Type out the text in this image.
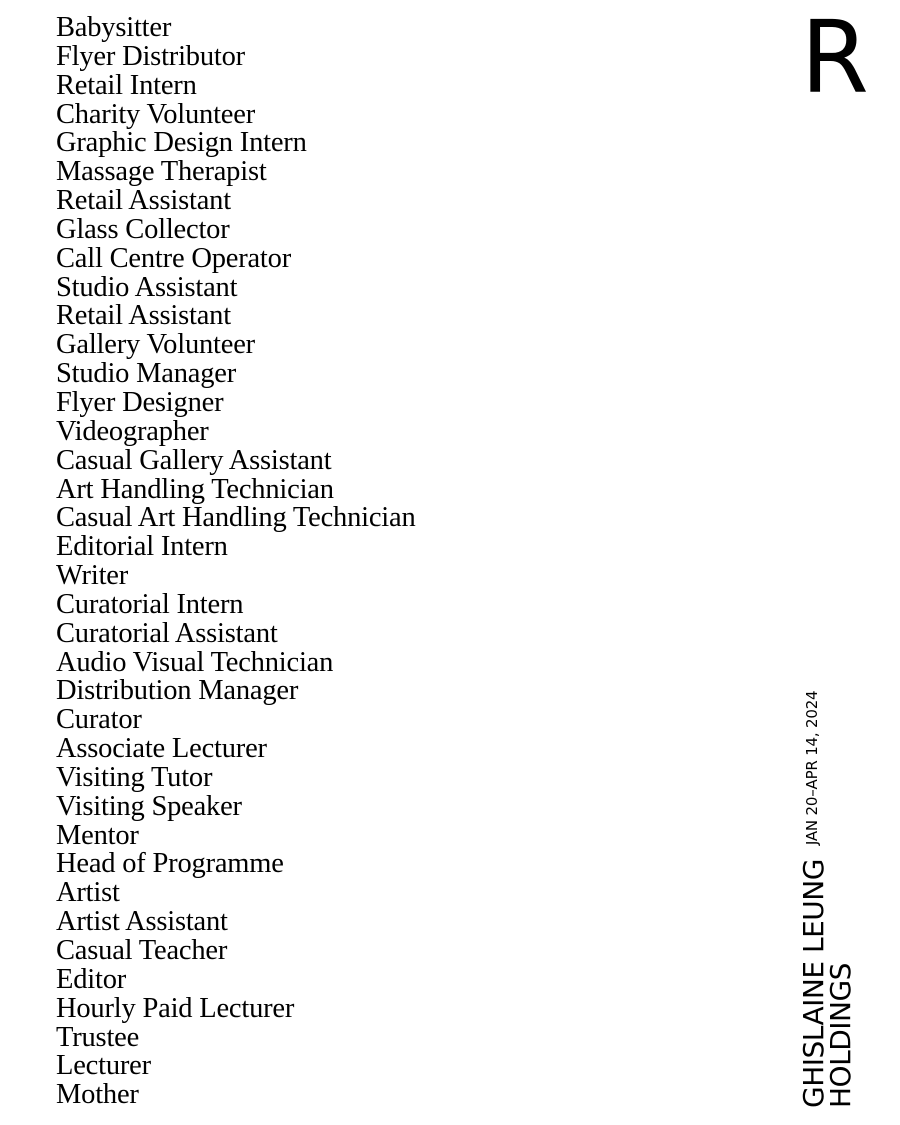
Babysitter
Flyer Distributor
Retail Intern
Charity Volunteer
Graphic Design Intern
Massage Therapist
Retail Assistant
Glass Collector
Call Centre Operator
Studio Assistant
Retail Assistant
Gallery Volunteer
Studio Manager
Flyer Designer
Videographer
Casual Gallery Assistant
Art Handling Technician
Casual Art Handling Technician
Editorial Intern
Writer
Curatorial Intern
Curatorial Assistant
Audio Visual Technician
Distribution Manager
Curator
Associate Lecturer
Visiting Tutor
Visiting Speaker
Mentor
Head of Programme
Artist
Artist Assistant
Casual Teacher
Editor
Hourly Paid Lecturer
Trustee
Lecturer
Mother
R
GHISLAINE LEUNG
HOLDINGS
JAN 20–APR 14, 2024
